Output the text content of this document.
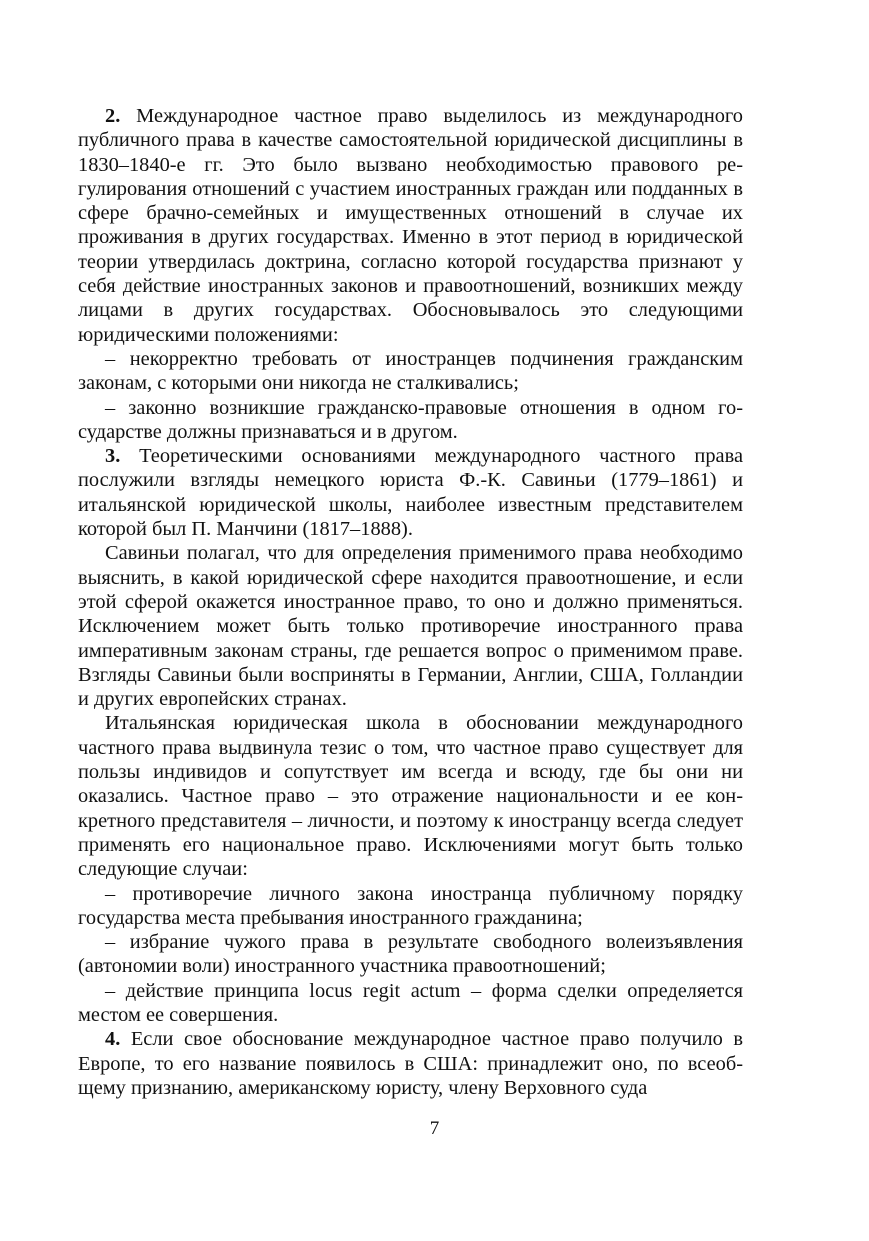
2. Международное частное право выделилось из международного публичного права в качестве самостоятельной юридической дисциплины в 1830–1840-е гг. Это было вызвано необходимостью правового регулирования отношений с участием иностранных граждан или подданных в сфере брачно-семейных и имущественных отношений в случае их проживания в других государствах. Именно в этот период в юридической теории утвердилась доктрина, согласно которой государства признают у себя действие иностранных законов и правоотношений, возникших между лицами в других государствах. Обосновывалось это следующими юридическими положениями:

– некорректно требовать от иностранцев подчинения гражданским законам, с которыми они никогда не сталкивались;

– законно возникшие гражданско-правовые отношения в одном государстве должны признаваться и в другом.

3. Теоретическими основаниями международного частного права послужили взгляды немецкого юриста Ф.-К. Савиньи (1779–1861) и итальянской юридической школы, наиболее известным представителем которой был П. Манчини (1817–1888).

Савиньи полагал, что для определения применимого права необходимо выяснить, в какой юридической сфере находится правоотношение, и если этой сферой окажется иностранное право, то оно и должно применяться. Исключением может быть только противоречие иностранного права императивным законам страны, где решается вопрос о применимом праве. Взгляды Савиньи были восприняты в Германии, Англии, США, Голландии и других европейских странах.

Итальянская юридическая школа в обосновании международного частного права выдвинула тезис о том, что частное право существует для пользы индивидов и сопутствует им всегда и всюду, где бы они ни оказались. Частное право – это отражение национальности и ее конкретного представителя – личности, и поэтому к иностранцу всегда следует применять его национальное право. Исключениями могут быть только следующие случаи:

– противоречие личного закона иностранца публичному порядку государства места пребывания иностранного гражданина;

– избрание чужого права в результате свободного волеизъявления (автономии воли) иностранного участника правоотношений;

– действие принципа locus regit actum – форма сделки определяется местом ее совершения.

4. Если свое обоснование международное частное право получило в Европе, то его название появилось в США: принадлежит оно, по всеобщему признанию, американскому юристу, члену Верховного суда

7
